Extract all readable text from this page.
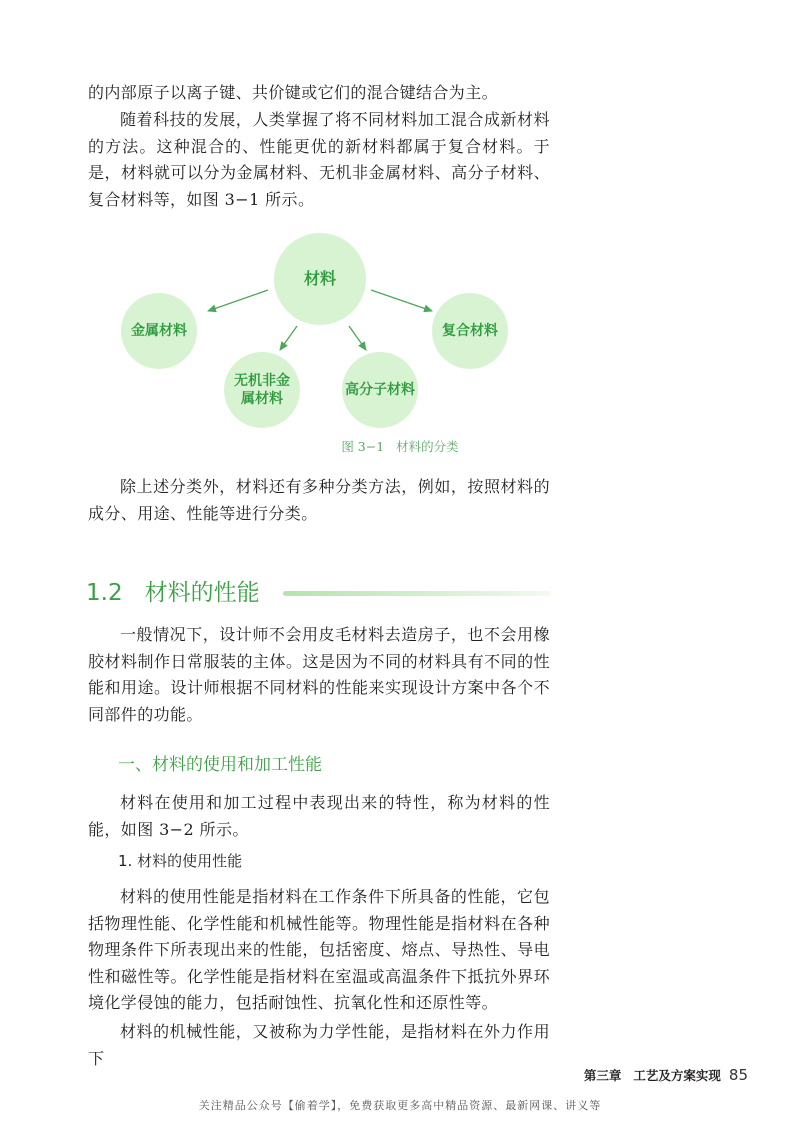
的内部原子以离子键、共价键或它们的混合键结合为主。

随着科技的发展，人类掌握了将不同材料加工混合成新材料的方法。这种混合的、性能更优的新材料都属于复合材料。于是，材料就可以分为金属材料、无机非金属材料、高分子材料、复合材料等，如图 3−1 所示。

材料
金属材料	复合材料
无机非金
属材料
高分子材料
图 3−1 材料的分类

除上述分类外，材料还有多种分类方法，例如，按照材料的成分、用途、性能等进行分类。

1.2 材料的性能

一般情况下，设计师不会用皮毛材料去造房子，也不会用橡胶材料制作日常服装的主体。这是因为不同的材料具有不同的性能和用途。设计师根据不同材料的性能来实现设计方案中各个不同部件的功能。

一、材料的使用和加工性能

材料在使用和加工过程中表现出来的特性，称为材料的性能，如图 3−2 所示。

1. 材料的使用性能

材料的使用性能是指材料在工作条件下所具备的性能，它包括物理性能、化学性能和机械性能等。物理性能是指材料在各种物理条件下所表现出来的性能，包括密度、熔点、导热性、导电性和磁性等。化学性能是指材料在室温或高温条件下抵抗外界环境化学侵蚀的能力，包括耐蚀性、抗氧化性和还原性等。

材料的机械性能，又被称为力学性能，是指材料在外力作用下

第三章 工艺及方案实现 85
关注精品公众号【偷着学】，免费获取更多高中精品资源、最新网课、讲义等
